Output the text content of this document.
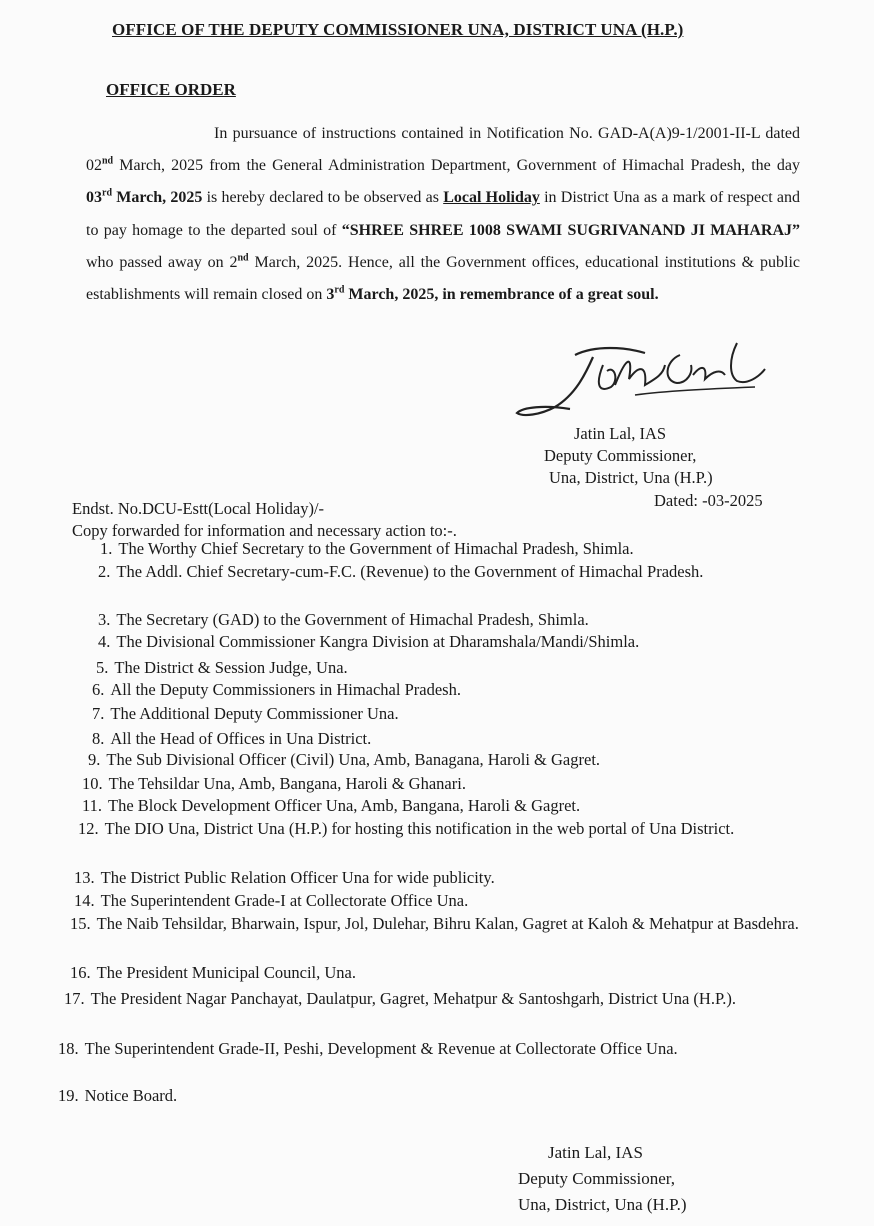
OFFICE OF THE DEPUTY COMMISSIONER UNA, DISTRICT UNA (H.P.)
OFFICE ORDER

In pursuance of instructions contained in Notification No. GAD-A(A)9-1/2001-II-L dated 02nd March, 2025 from the General Administration Department, Government of Himachal Pradesh, the day 03rd March, 2025 is hereby declared to be observed as Local Holiday in District Una as a mark of respect and to pay homage to the departed soul of “SHREE SHREE 1008 SWAMI SUGRIVANAND JI MAHARAJ” who passed away on 2nd March, 2025. Hence, all the Government offices, educational institutions & public establishments will remain closed on 3rd March, 2025, in remembrance of a great soul.

Jatin Lal, IAS
Deputy Commissioner,
Una, District, Una (H.P.)
Dated: -03-2025
Endst. No.DCU-Estt(Local Holiday)/-
Copy forwarded for information and necessary action to:-.
1. The Worthy Chief Secretary to the Government of Himachal Pradesh, Shimla.
2. The Addl. Chief Secretary-cum-F.C. (Revenue) to the Government of Himachal Pradesh.
3. The Secretary (GAD) to the Government of Himachal Pradesh, Shimla.
4. The Divisional Commissioner Kangra Division at Dharamshala/Mandi/Shimla.
5. The District & Session Judge, Una.
6. All the Deputy Commissioners in Himachal Pradesh.
7. The Additional Deputy Commissioner Una.
8. All the Head of Offices in Una District.
9. The Sub Divisional Officer (Civil) Una, Amb, Banagana, Haroli & Gagret.
10. The Tehsildar Una, Amb, Bangana, Haroli & Ghanari.
11. The Block Development Officer Una, Amb, Bangana, Haroli & Gagret.
12. The DIO Una, District Una (H.P.) for hosting this notification in the web portal of Una District.
13. The District Public Relation Officer Una for wide publicity.
14. The Superintendent Grade-I at Collectorate Office Una.
15. The Naib Tehsildar, Bharwain, Ispur, Jol, Dulehar, Bihru Kalan, Gagret at Kaloh & Mehatpur at Basdehra.
16. The President Municipal Council, Una.
17. The President Nagar Panchayat, Daulatpur, Gagret, Mehatpur & Santoshgarh, District Una (H.P.).
18. The Superintendent Grade-II, Peshi, Development & Revenue at Collectorate Office Una.
19. Notice Board.
Jatin Lal, IAS
Deputy Commissioner,
Una, District, Una (H.P.)
